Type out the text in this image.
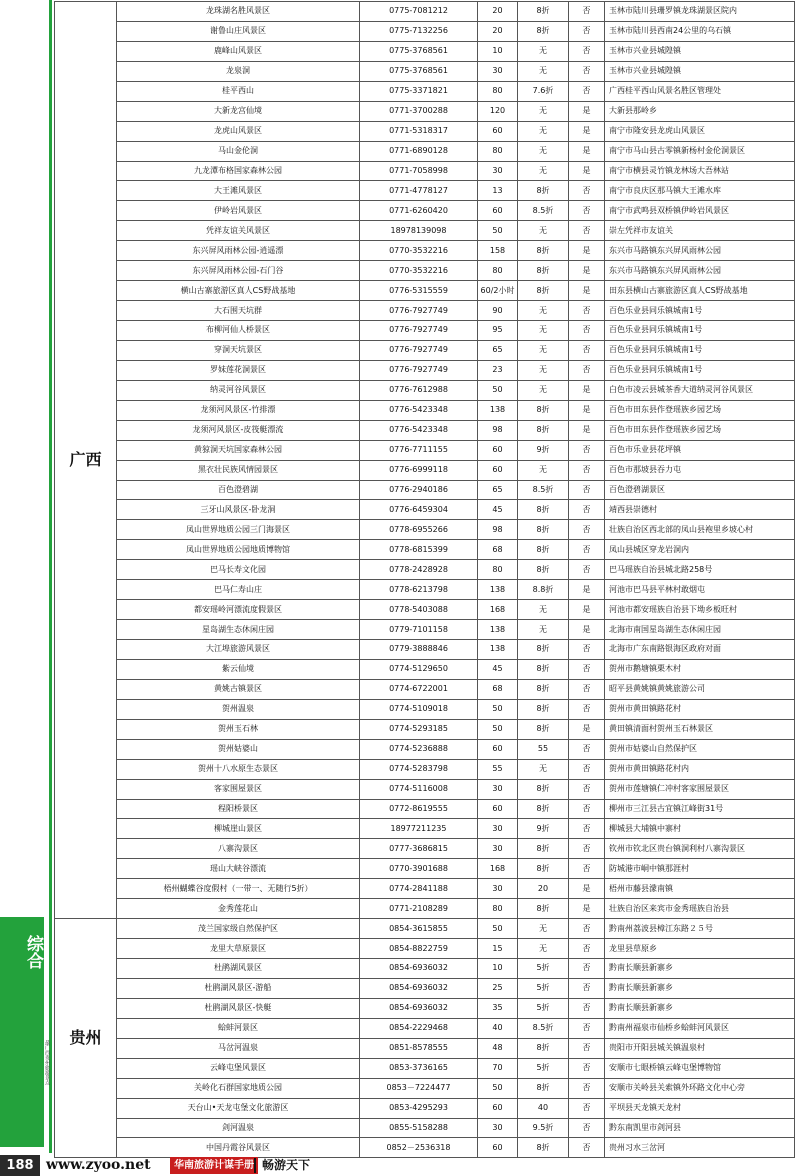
综合
最广西贵州旅游景点
广西	龙珠湖名胜风景区	0775-7081212	20	8折	否	玉林市陆川县珊罗镇龙珠湖景区院内
	谢鲁山庄风景区	0775-7132256	20	8折	否	玉林市陆川县西南24公里的乌石镇
	鹿峰山风景区	0775-3768561	10	无	否	玉林市兴业县城隍镇
	龙泉洞	0775-3768561	30	无	否	玉林市兴业县城隍镇
	桂平西山	0775-3371821	80	7.6折	否	广西桂平西山风景名胜区管理处
	大新龙宫仙境	0771-3700288	120	无	是	大新县那岭乡
	龙虎山风景区	0771-5318317	60	无	是	南宁市隆安县龙虎山风景区
	马山金伦洞	0771-6890128	80	无	是	南宁市马山县古零镇新杨村金伦洞景区
	九龙潭布格国家森林公园	0771-7058998	30	无	是	南宁市横县灵竹镇龙林场大吾林站
	大王滩风景区	0771-4778127	13	8折	否	南宁市良庆区那马镇大王滩水库
	伊岭岩风景区	0771-6260420	60	8.5折	否	南宁市武鸣县双桥镇伊岭岩风景区
	凭祥友谊关风景区	18978139098	50	无	否	崇左凭祥市友谊关
	东兴屏风雨林公园-逍遥漂	0770-3532216	158	8折	是	东兴市马路镇东兴屏风雨林公园
	东兴屏风雨林公园-石门谷	0770-3532216	80	8折	是	东兴市马路镇东兴屏风雨林公园
	横山古寨旅游区真人CS野战基地	0776-5315559	60/2小时	8折	是	田东县横山古寨旅游区真人CS野战基地
	大石围天坑群	0776-7927749	90	无	否	百色乐业县同乐镇城南1号
	布柳河仙人桥景区	0776-7927749	95	无	否	百色乐业县同乐镇城南1号
	穿洞天坑景区	0776-7927749	65	无	否	百色乐业县同乐镇城南1号
	罗妹莲花洞景区	0776-7927749	23	无	否	百色乐业县同乐镇城南1号
	纳灵河谷风景区	0776-7612988	50	无	是	白色市凌云县城茶香大道纳灵河谷风景区
	龙须河风景区-竹排漂	0776-5423348	138	8折	是	百色市田东县作登瑶族乡园艺场
	龙须河风景区-皮筏艇漂流	0776-5423348	98	8折	是	百色市田东县作登瑶族乡园艺场
	黄猄洞天坑国家森林公园	0776-7711155	60	9折	否	百色市乐业县花坪镇
	黑衣壮民族风情园景区	0776-6999118	60	无	否	百色市那坡县吞力屯
	百色澄碧湖	0776-2940186	65	8.5折	否	百色澄碧湖景区
	三牙山风景区-卧龙洞	0776-6459304	45	8折	否	靖西县崇德村
	凤山世界地质公园三门海景区	0778-6955266	98	8折	否	壮族自治区西北部的凤山县袍里乡坡心村
	凤山世界地质公园地质博物馆	0778-6815399	68	8折	否	凤山县城区穿龙岩洞内
	巴马长寿文化园	0778-2428928	80	8折	否	巴马瑶族自治县城北路258号
	巴马仁寿山庄	0778-6213798	138	8.8折	是	河池市巴马县平林村敢烟屯
	都安瑶岭河漂流度假景区	0778-5403088	168	无	是	河池市都安瑶族自治县下坳乡板旺村
	星岛湖生态休闲庄园	0779-7101158	138	无	是	北海市南国星岛湖生态休闲庄园
	大江埠旅游风景区	0779-3888846	138	8折	否	北海市广东南路银海区政府对面
	紫云仙境	0774-5129650	45	8折	否	贺州市鹅塘镇栗木村
	黄姚古镇景区	0774-6722001	68	8折	否	昭平县黄姚镇黄姚旅游公司
	贺州温泉	0774-5109018	50	8折	否	贺州市黄田镇路花村
	贺州玉石林	0774-5293185	50	8折	是	黄田镇清面村贺州玉石林景区
	贺州姑婆山	0774-5236888	60	55	否	贺州市姑婆山自然保护区
	贺州十八水原生态景区	0774-5283798	55	无	否	贺州市黄田镇路花村内
	客家围屋景区	0774-5116008	30	8折	否	贺州市莲塘镇仁冲村客家围屋景区
	程阳桥景区	0772-8619555	60	8折	否	柳州市三江县古宜镇江峰街31号
	柳城崖山景区	18977211235	30	9折	否	柳城县大埔镇中寨村
	八寨沟景区	0777-3686815	30	8折	否	钦州市钦北区贵台镇洞利村八寨沟景区
	瑶山大峡谷漂流	0770-3901688	168	8折	否	防城港市峒中镇那涯村
	梧州蝴蝶谷度假村（一带一、无随行5折）	0774-2841188	30	20	是	梧州市藤县濛南镇
	金秀莲花山	0771-2108289	80	8折	是	壮族自治区来宾市金秀瑶族自治县
贵州	茂兰国家级自然保护区	0854-3615855	50	无	否	黔南州荔波县樟江东路２５号
	龙里大草原景区	0854-8822759	15	无	否	龙里县草原乡
	杜鹃湖风景区	0854-6936032	10	5折	否	黔南长顺县新寨乡
	杜鹃湖风景区-游船	0854-6936032	25	5折	否	黔南长顺县新寨乡
	杜鹃湖风景区-快艇	0854-6936032	35	5折	否	黔南长顺县新寨乡
	蛤蚌河景区	0854-2229468	40	8.5折	否	黔南州福泉市仙桥乡蛤蚌河风景区
	马岔河温泉	0851-8578555	48	8折	否	贵阳市开阳县城关镇温泉村
	云峰屯堡风景区	0853-3736165	70	5折	否	安顺市七眼桥镇云峰屯堡博物馆
	关岭化石群国家地质公园	0853－7224477	50	8折	否	安顺市关岭县关索镇外环路文化中心旁
	天台山•天龙屯堡文化旅游区	0853-4295293	60	40	否	平坝县天龙镇天龙村
	剑河温泉	0855-5158288	30	9.5折	否	黔东南凯里市剑河县
	中国丹霞谷风景区	0852－2536318	60	8折	否	贵州习水三岔河
188 www.zyoo.net	华南旅游计谋手册 畅游天下
